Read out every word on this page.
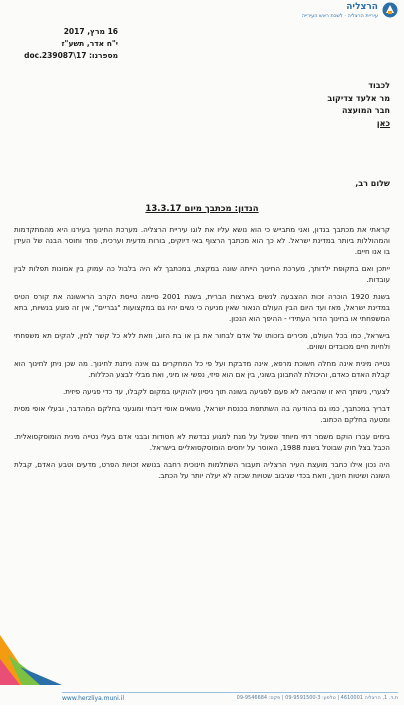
הרצליה
עיריית הרצליה · לשכת ראש העירייה
16 מרץ, 2017
י"ח אדר, תשע"ז
מספרנו: doc.239087\17
לכבוד
מר אלעד צדיקוב
חבר המועצה
כאן
שלום רב,
הנדון: מכתבך מיום 13.3.17

קראתי את מכתבך בנדון, ואני מתבייש כי הוא נושא עליו את לוגו עיריית הרצליה. מערכת החינוך בעירנו היא מהמתקדמות והמהוללות ביותר במדינת ישראל. לא כך הוא מכתבך הרצוף באי דיוקים, בורות מדעית וערכית, פחד וחוסר הבנה של העידן בו אנו חיים.

ייתכן ואם בתקופת ילדותך, מערכת החינוך הייתה שונה במקצת, במכתבך לא היה בלבול כה עמוק בין אמונות תפלות לבין עובדות.

בשנת 1920 הוכרה זכות ההצבעה לנשים בארצות הברית, בשנת 2001 סיימה טייסת הקרב הראשונה את קורס הטיס במדינת ישראל, מאז ועד היום הבין העולם הנאור שאין מניעה כי נשים יהיו גם במקצועות "גבריים", אין זה פוגע בנשיות, בתא המשפחתי או בחינוך הדור העתידי - ההיפך הוא הנכון.

בישראל, כמו בכל העולם, מכירים בזכותו של אדם לבחור את בן או בת הזוג, וזאת ללא כל קשר למין, להקים תא משפחתי ולחיות חיים מכובדים ושווים.

נטייה מינית אינה מחלה חשוכת מרפא, אינה מדבקת ועל פי כל המחקרים גם אינה ניתנת לחינוך. מה שכן ניתן לחינוך הוא קבלת האדם כאדם, והיכולת להתבונן בשוני, בין אם הוא פיזי, נפשי או מיני, ואת מבלי לבצע הכללות.

לצערי, נישתך היא זו שהביאה לא פעם לפגיעה בשונה תוך ניסיון להוקיעו במקום לקבלו, עד כדי פגיעה פיזית.

דבריך במכתבך, כמו גם בהודעה בה השתתפת בכנסת ישראל, נושאים אופי דיבתי ומוגעני בחלקם המהדבר, ובעלי אופי מסית ומטעה בחלקם הכתוב.

בימים עברו הוקם משמר דתי מיוחד שפעל על מנת למגוע נבדשת לא חסודות ובבני אדם בעלי נטייה מינית הומוסקסואלית. הכבל בצל חוק שבוטל בשנת 1988, האוסר על יחסים הומוסקסואליים בישראל.

היה נכון אילו כחבר מועצת העיר הרצליה תעבור השתלמות חינוכית רחבה בנושא זכויות הפרט, מדעים וטבע האדם, קבלת השונה ושיטות חינוך, וזאת בכדי שגיבוב שטויות שכזה לא יעלה יותר על הכתב.

www.herzliya.muni.il	ת.ד. 1, הרצליה 4610001 | טלפון: 09-9591500-3 | פקס: 09-9546684
